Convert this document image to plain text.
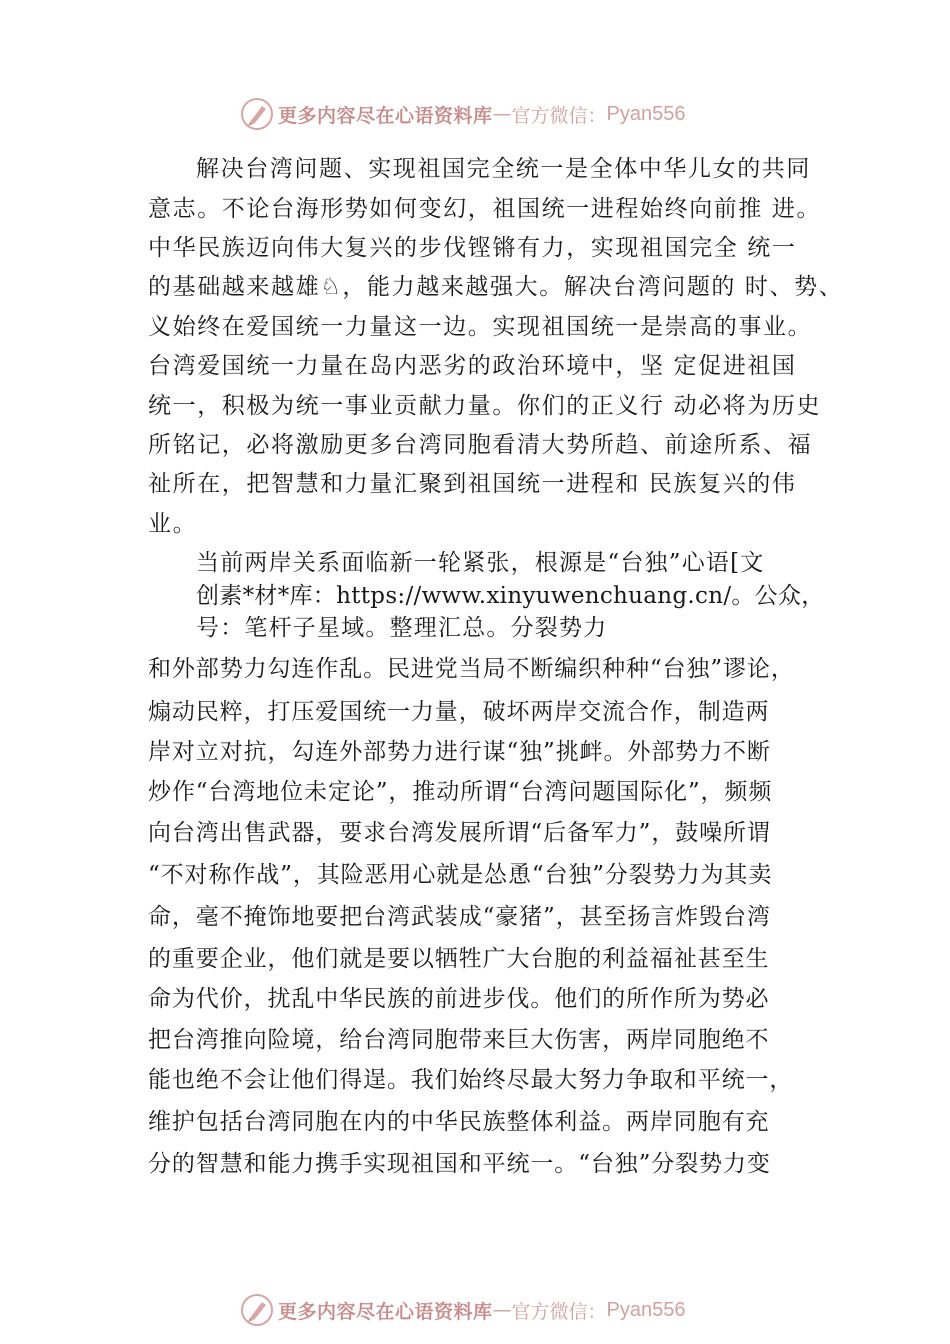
更多内容尽在心语资料库 — 官方微信： Pyan556
解决台湾问题、实现祖国完全统一是全体中华儿女的共同
意志。不论台海形势如何变幻，祖国统一进程始终向前推 进。
中华民族迈向伟大复兴的步伐铿锵有力，实现祖国完全 统一
的基础越来越雄♘，能力越来越强大。解决台湾问题的 时、势、
义始终在爱国统一力量这一边。实现祖国统一是崇高的事业。
台湾爱国统一力量在岛内恶劣的政治环境中，坚 定促进祖国
统一，积极为统一事业贡献力量。你们的正义行 动必将为历史
所铭记，必将激励更多台湾同胞看清大势所趋、前途所系、福
祉所在，把智慧和力量汇聚到祖国统一进程和 民族复兴的伟
业。
当前两岸关系面临新一轮紧张，根源是“台独”心语[文
创素*材*库：https://www.xinyuwenchuang.cn/。公众，
号：笔杆子星域。整理汇总。分裂势力
和外部势力勾连作乱。民进党当局不断编织种种“台独”谬论，
煽动民粹，打压爱国统一力量，破坏两岸交流合作，制造两
岸对立对抗，勾连外部势力进行谋“独”挑衅。外部势力不断
炒作“台湾地位未定论”，推动所谓“台湾问题国际化”，频频
向台湾出售武器，要求台湾发展所谓“后备军力”，鼓噪所谓
“不对称作战”，其险恶用心就是怂恿“台独”分裂势力为其卖
命，毫不掩饰地要把台湾武装成“豪猪”，甚至扬言炸毁台湾
的重要企业，他们就是要以牺牲广大台胞的利益福祉甚至生
命为代价，扰乱中华民族的前进步伐。他们的所作所为势必
把台湾推向险境，给台湾同胞带来巨大伤害，两岸同胞绝不
能也绝不会让他们得逞。我们始终尽最大努力争取和平统一，
维护包括台湾同胞在内的中华民族整体利益。两岸同胞有充
分的智慧和能力携手实现祖国和平统一。“台独”分裂势力变
更多内容尽在心语资料库 — 官方微信： Pyan556
